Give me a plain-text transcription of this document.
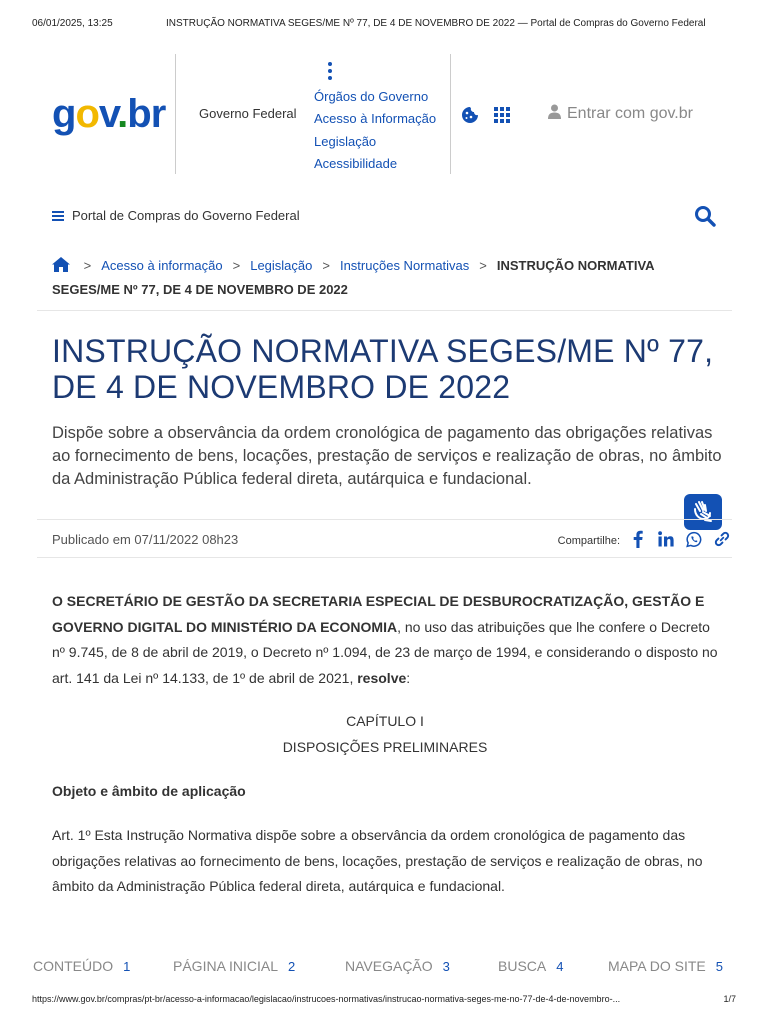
06/01/2025, 13:25	INSTRUÇÃO NORMATIVA SEGES/ME Nº 77, DE 4 DE NOVEMBRO DE 2022 — Portal de Compras do Governo Federal
gov.br	Governo Federal
Órgãos do Governo
Acesso à Informação
Legislação
Acessibilidade
Entrar com gov.br
Portal de Compras do Governo Federal
> Acesso à informação > Legislação > Instruções Normativas > INSTRUÇÃO NORMATIVA SEGES/ME Nº 77, DE 4 DE NOVEMBRO DE 2022
INSTRUÇÃO NORMATIVA SEGES/ME Nº 77, DE 4 DE NOVEMBRO DE 2022

Dispõe sobre a observância da ordem cronológica de pagamento das obrigações relativas ao fornecimento de bens, locações, prestação de serviços e realização de obras, no âmbito da Administração Pública federal direta, autárquica e fundacional.

Publicado em 07/11/2022 08h23	Compartilhe:

O SECRETÁRIO DE GESTÃO DA SECRETARIA ESPECIAL DE DESBUROCRATIZAÇÃO, GESTÃO E GOVERNO DIGITAL DO MINISTÉRIO DA ECONOMIA, no uso das atribuições que lhe confere o Decreto nº 9.745, de 8 de abril de 2019, o Decreto nº 1.094, de 23 de março de 1994, e considerando o disposto no art. 141 da Lei nº 14.133, de 1º de abril de 2021, resolve:

CAPÍTULO I

DISPOSIÇÕES PRELIMINARES

Objeto e âmbito de aplicação

Art. 1º Esta Instrução Normativa dispõe sobre a observância da ordem cronológica de pagamento das obrigações relativas ao fornecimento de bens, locações, prestação de serviços e realização de obras, no âmbito da Administração Pública federal direta, autárquica e fundacional.

CONTEÚDO 1	PÁGINA INICIAL 2	NAVEGAÇÃO 3	BUSCA 4	MAPA DO SITE 5
https://www.gov.br/compras/pt-br/acesso-a-informacao/legislacao/instrucoes-normativas/instrucao-normativa-seges-me-no-77-de-4-de-novembro-...	1/7
